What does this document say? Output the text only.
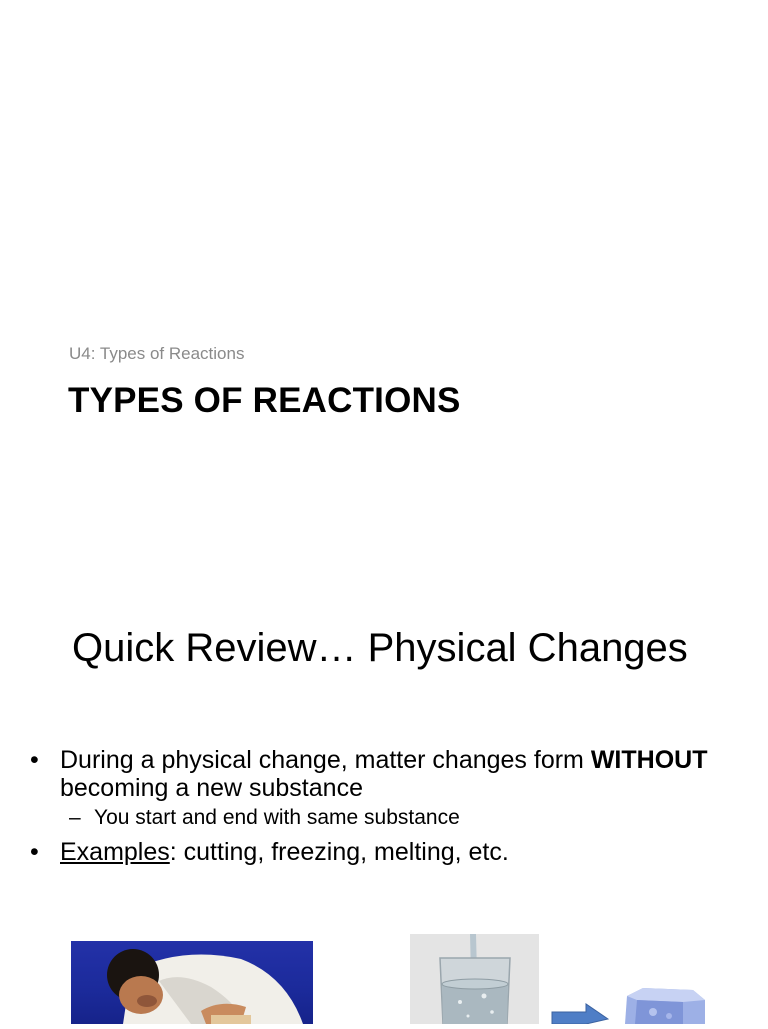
U4: Types of Reactions
TYPES OF REACTIONS
Quick Review… Physical Changes
• During a physical change, matter changes form WITHOUT becoming a new substance
– You start and end with same substance
• Examples: cutting, freezing, melting, etc.
